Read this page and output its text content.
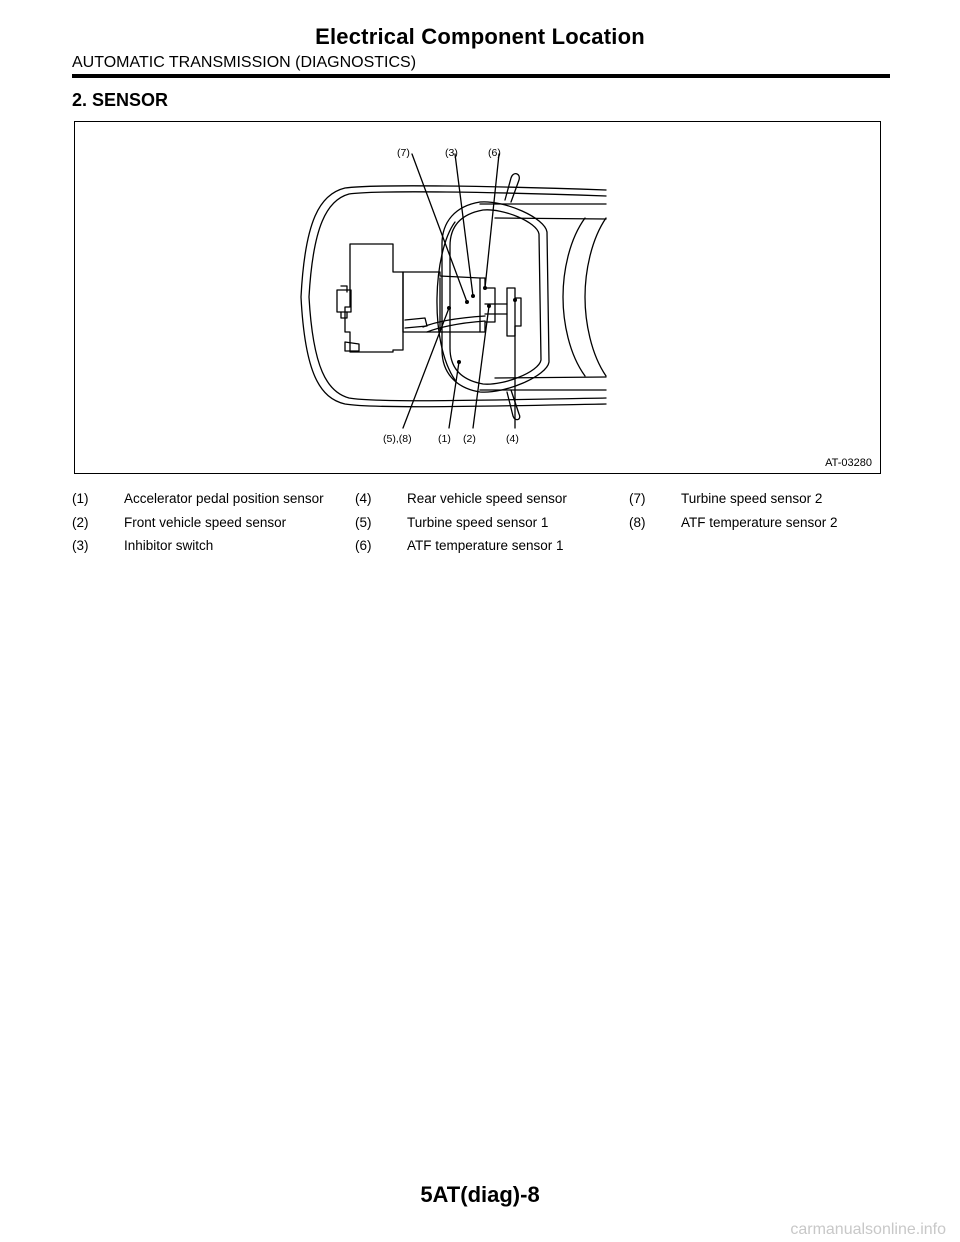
Electrical Component Location
AUTOMATIC TRANSMISSION (DIAGNOSTICS)
2. SENSOR
(7)	(3)	(6)
(5),(8)	(1) (2)	(4)
AT-03280
(1)	Accelerator pedal position sensor (4)	Rear vehicle speed sensor	(7)	Turbine speed sensor 2
(2)	Front vehicle speed sensor	(5)	Turbine speed sensor 1	(8)	ATF temperature sensor 2
(3)	Inhibitor switch	(6)	ATF temperature sensor 1
5AT(diag)-8
carmanualsonline.info
